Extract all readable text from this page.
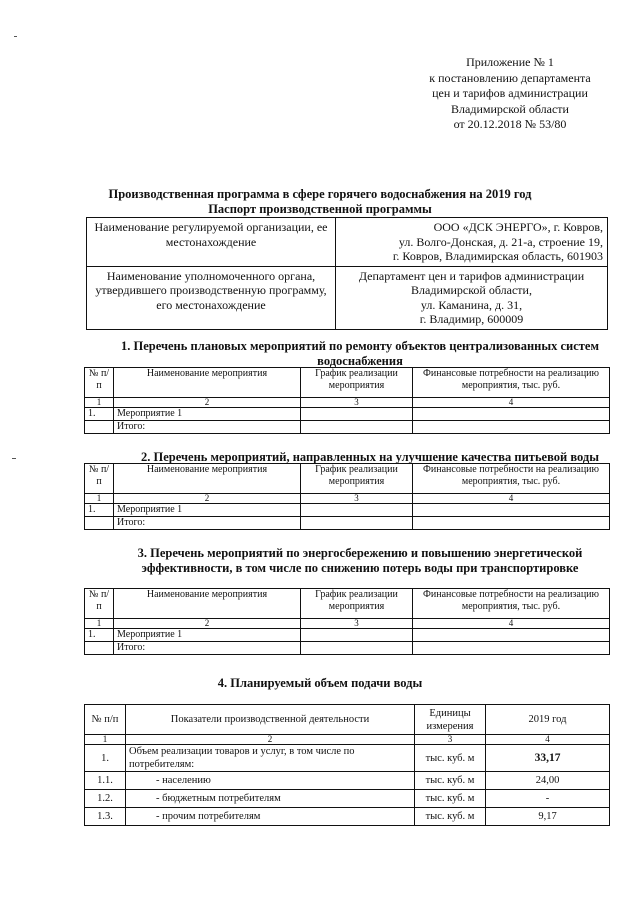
Приложение № 1
к постановлению департамента
цен и тарифов администрации
Владимирской области
от 20.12.2018 № 53/80
Производственная программа в сфере горячего водоснабжения на 2019 год
Паспорт производственной программы
Наименование регулируемой организации, ее местонахождение	ООО «ДСК ЭНЕРГО», г. Ковров,
ул. Волго-Донская, д. 21-а, строение 19,
г. Ковров, Владимирская область, 601903

Наименование уполномоченного органа, утвердившего производственную программу, его местонахождение	Департамент цен и тарифов администрации
Владимирской области,
ул. Каманина, д. 31,
г. Владимир, 600009
1. Перечень плановых мероприятий по ремонту объектов централизованных систем водоснабжения
№ п/п	Наименование мероприятия	График реализации мероприятия	Финансовые потребности на реализацию мероприятия, тыс. руб.
1	2	3	4
1.	Мероприятие 1		
	Итого:		
2. Перечень мероприятий, направленных на улучшение качества питьевой воды
№ п/п	Наименование мероприятия	График реализации мероприятия	Финансовые потребности на реализацию мероприятия, тыс. руб.
1	2	3	4
1.	Мероприятие 1		
	Итого:		
3. Перечень мероприятий по энергосбережению и повышению энергетической
эффективности, в том числе по снижению потерь воды при транспортировке
№ п/п	Наименование мероприятия	График реализации мероприятия	Финансовые потребности на реализацию мероприятия, тыс. руб.
1	2	3	4
1.	Мероприятие 1		
	Итого:		
4. Планируемый объем подачи воды
№ п/п	Показатели производственной деятельности	Единицы измерения	2019 год
1	2	3	4
1.	Объем реализации товаров и услуг, в том числе по потребителям:	тыс. куб. м	33,17
1.1.	- населению	тыс. куб. м	24,00
1.2.	- бюджетным потребителям	тыс. куб. м	-
1.3.	- прочим потребителям	тыс. куб. м	9,17
